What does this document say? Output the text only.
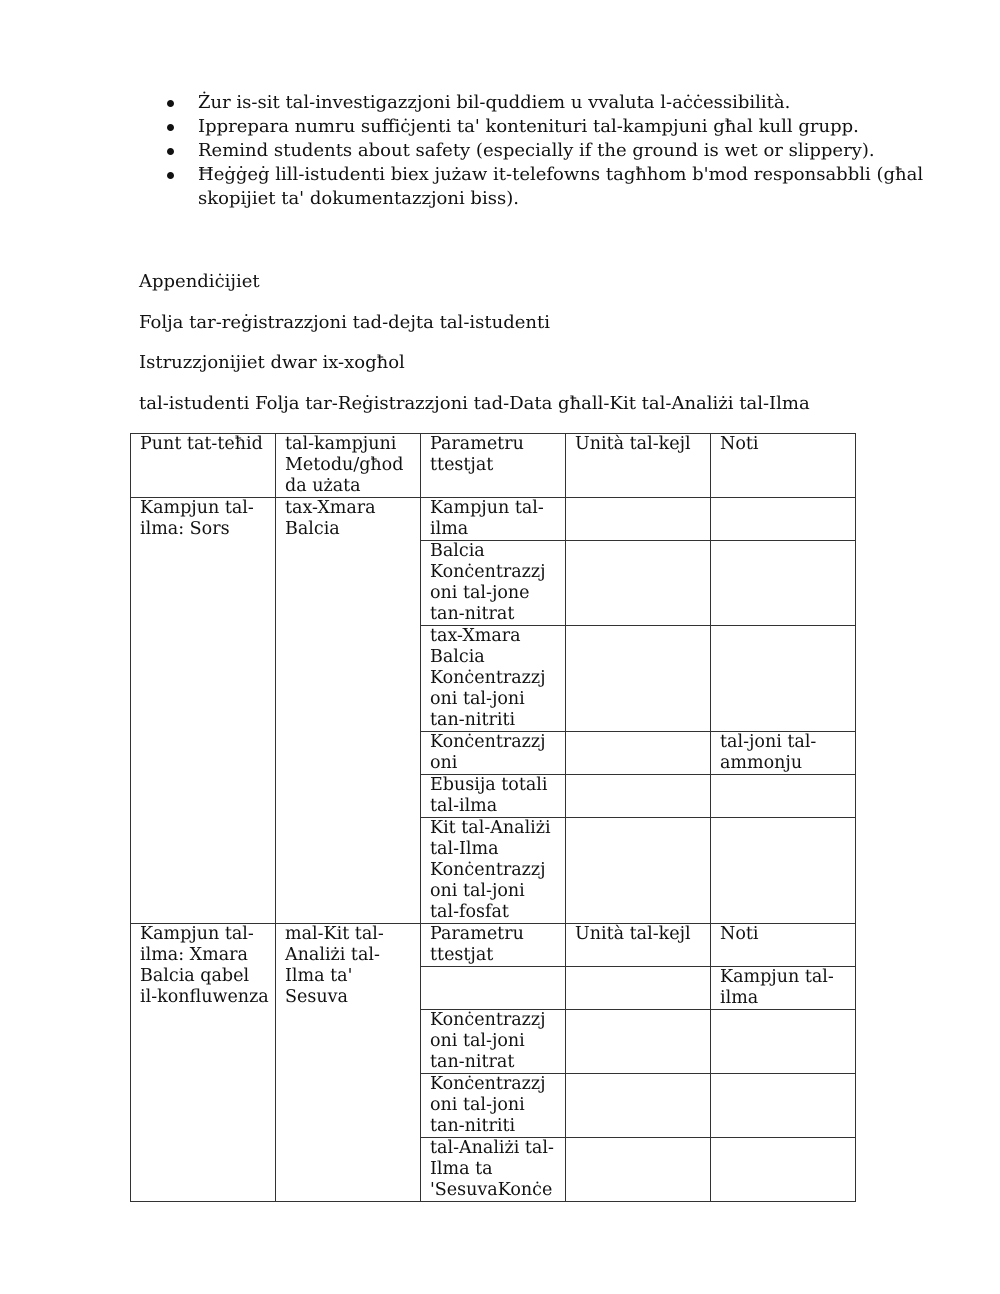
Żur is-sit tal-investigazzjoni bil-quddiem u vvaluta l-aċċessibilità.
Ipprepara numru suffiċjenti ta' kontenituri tal-kampjuni għal kull grupp.
Remind students about safety (especially if the ground is wet or slippery).
Ħeġġeġ lill-istudenti biex jużaw it-telefowns tagħhom b'mod responsabbli (għal skopijiet ta' dokumentazzjoni biss).
Appendiċijiet
Folja tar-reġistrazzjoni tad-dejta tal-istudenti
Istruzzjonijiet dwar ix-xogħol
tal-istudenti Folja tar-Reġistrazzjoni tad-Data għall-Kit tal-Analiżi tal-Ilma
Punt tat-teħid	tal-kampjuni Metodu/għod da użata	Parametru ttestjat	Unità tal-kejl	Noti
Kampjun tal-ilma: Sors	tax-Xmara Balcia	Kampjun tal-ilma		
		Balcia Konċentrazzj oni tal-jone tan-nitrat		
		tax-Xmara Balcia Konċentrazzj oni tal-joni tan-nitriti		
		Konċentrazzj oni		tal-joni tal-ammonju
		Ebusija totali tal-ilma		
		Kit tal-Analiżi tal-Ilma Konċentrazzj oni tal-joni tal-fosfat		
Kampjun tal-ilma: Xmara Balcia qabel il-konfluwenza	mal-Kit tal-Analiżi tal-Ilma ta' Sesuva	Parametru ttestjat	Unità tal-kejl	Noti
				Kampjun tal-ilma
		Konċentrazzj oni tal-joni tan-nitrat		
		Konċentrazzj oni tal-joni tan-nitriti		
		tal-Analiżi tal-Ilma ta 'SesuvaKonċe		
